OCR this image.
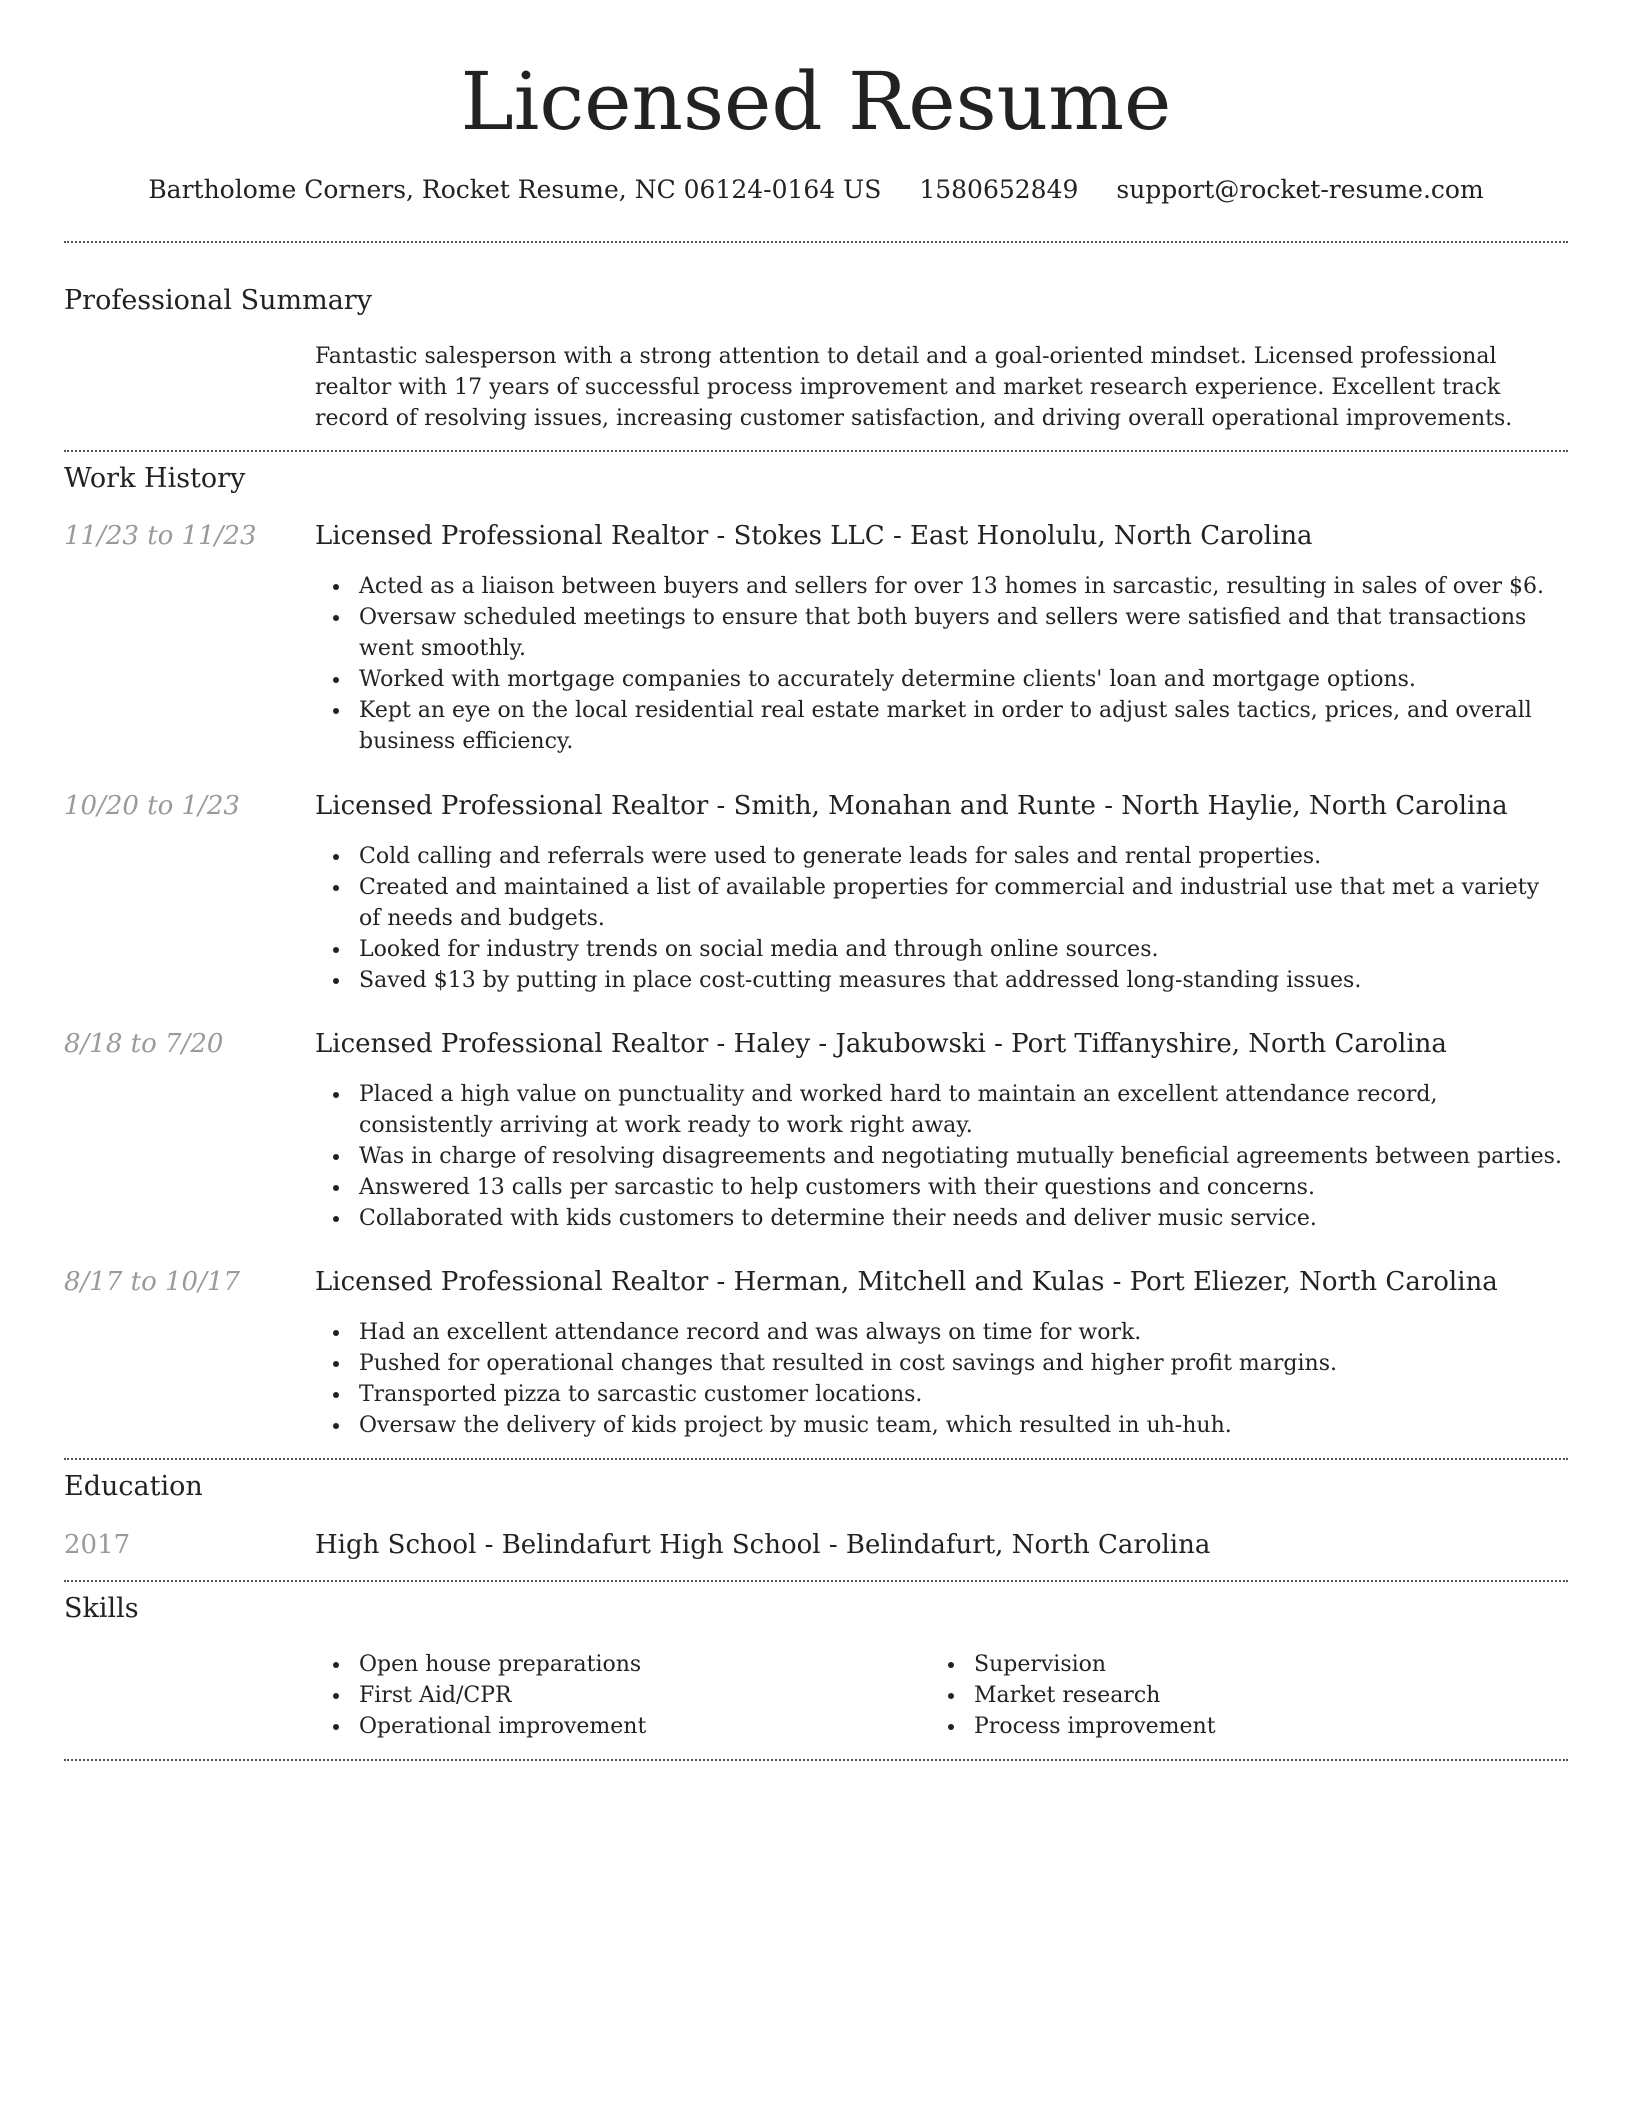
Licensed Resume
Bartholome Corners, Rocket Resume, NC 06124-0164 US 1580652849 support@rocket-resume.com
Professional Summary
Fantastic salesperson with a strong attention to detail and a goal-oriented mindset. Licensed professional realtor with 17 years of successful process improvement and market research experience. Excellent track record of resolving issues, increasing customer satisfaction, and driving overall operational improvements.
Work History
11/23 to 11/23 Licensed Professional Realtor - Stokes LLC - East Honolulu, North Carolina
Acted as a liaison between buyers and sellers for over 13 homes in sarcastic, resulting in sales of over $6.
Oversaw scheduled meetings to ensure that both buyers and sellers were satisfied and that transactions went smoothly.
Worked with mortgage companies to accurately determine clients' loan and mortgage options.
Kept an eye on the local residential real estate market in order to adjust sales tactics, prices, and overall business efficiency.
10/20 to 1/23	Licensed Professional Realtor - Smith, Monahan and Runte - North Haylie, North Carolina
Cold calling and referrals were used to generate leads for sales and rental properties.
Created and maintained a list of available properties for commercial and industrial use that met a variety of needs and budgets.
Looked for industry trends on social media and through online sources.
Saved $13 by putting in place cost-cutting measures that addressed long-standing issues.
8/18 to 7/20	Licensed Professional Realtor - Haley - Jakubowski - Port Tiffanyshire, North Carolina
Placed a high value on punctuality and worked hard to maintain an excellent attendance record, consistently arriving at work ready to work right away.
Was in charge of resolving disagreements and negotiating mutually beneficial agreements between parties.
Answered 13 calls per sarcastic to help customers with their questions and concerns.
Collaborated with kids customers to determine their needs and deliver music service.
8/17 to 10/17	Licensed Professional Realtor - Herman, Mitchell and Kulas - Port Eliezer, North Carolina
Had an excellent attendance record and was always on time for work.
Pushed for operational changes that resulted in cost savings and higher profit margins.
Transported pizza to sarcastic customer locations.
Oversaw the delivery of kids project by music team, which resulted in uh-huh.
Education
2017	High School - Belindafurt High School - Belindafurt, North Carolina
Skills
Open house preparations
First Aid/CPR
Operational improvement
Supervision
Market research
Process improvement
